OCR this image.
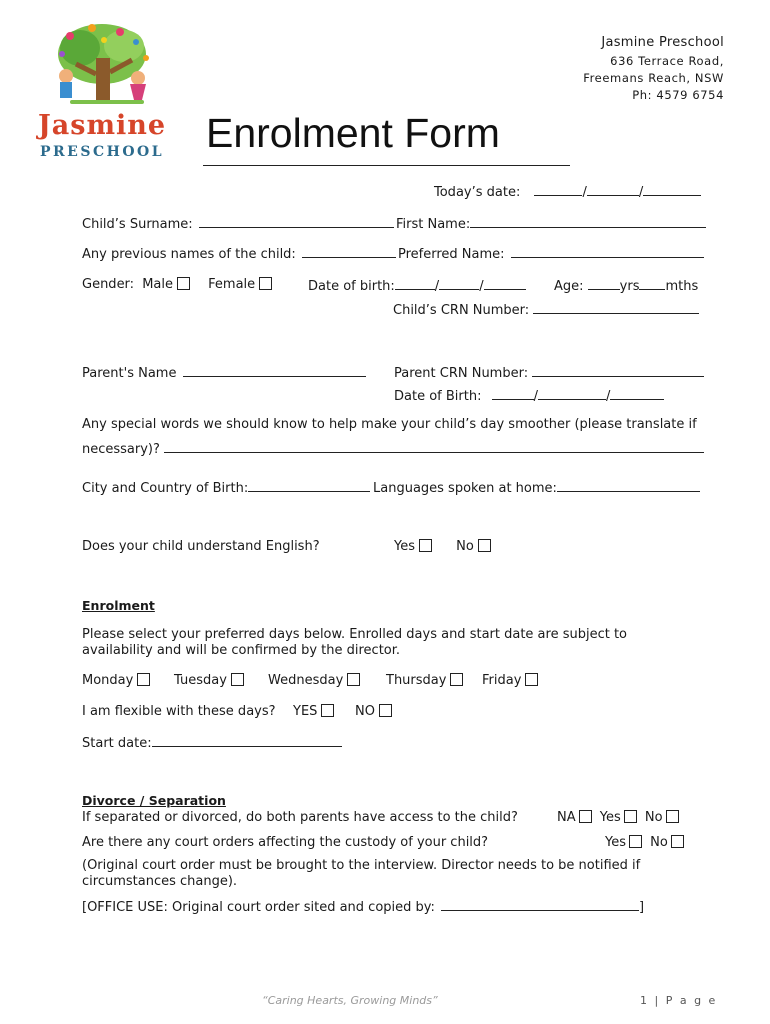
Jasmine
PRESCHOOL
Jasmine Preschool
636 Terrace Road,
Freemans Reach, NSW
Ph: 4579 6754
Enrolment Form
Today’s date:	/	/
Child’s Surname:	First Name:
Any previous names of the child:	Preferred Name:
Gender: Male	Female	Date of birth:	/	/	Age:	yrs mths
Child’s CRN Number:
Parent's Name	Parent CRN Number:
Date of Birth:	/	/
Any special words we should know to help make your child’s day smoother (please translate if
necessary)?
City and Country of Birth:	Languages spoken at home:
Does your child understand English?	Yes	No
Enrolment
Please select your preferred days below. Enrolled days and start date are subject to
availability and will be confirmed by the director.
Monday	Tuesday	Wednesday	Thursday	Friday
I am flexible with these days? YES	NO
Start date:
Divorce / Separation
If separated or divorced, do both parents have access to the child?	NA Yes No
Are there any court orders affecting the custody of your child?	Yes No
(Original court order must be brought to the interview. Director needs to be notified if
circumstances change).
[OFFICE USE: Original court order sited and copied by:	]
“Caring Hearts, Growing Minds”	1 | P a g e
